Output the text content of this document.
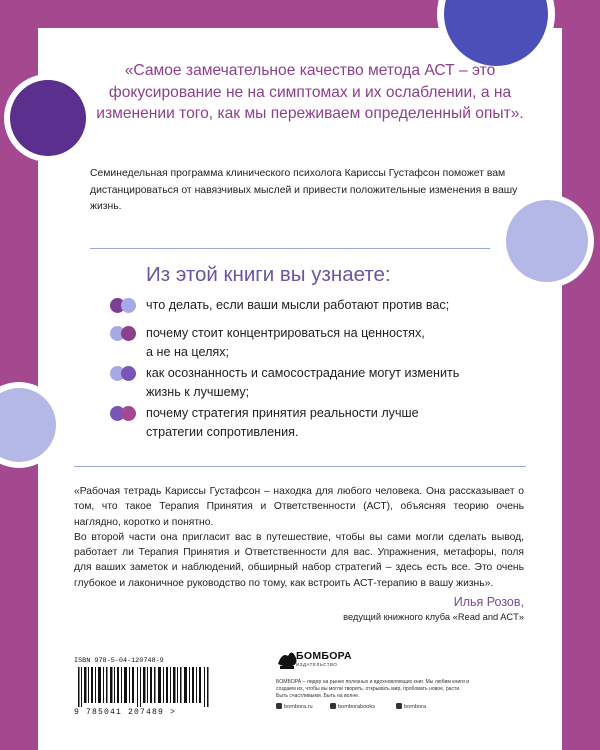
«Самое замечательное качество метода АСТ – это фокусирование не на симптомах и их ослаблении, а на изменении того, как мы переживаем определенный опыт».
Семинедельная программа клинического психолога Кариссы Густафсон поможет вам дистанцироваться от навязчивых мыслей и привести положительные изменения в вашу жизнь.
Из этой книги вы узнаете:
что делать, если ваши мысли работают против вас;
почему стоит концентрироваться на ценностях,
а не на целях;
как осознанность и самосострадание могут изменить
жизнь к лучшему;
почему стратегия принятия реальности лучше
стратегии сопротивления.

«Рабочая тетрадь Кариссы Густафсон – находка для любого человека. Она рассказывает о том, что такое Терапия Принятия и Ответственности (АСТ), объясняя теорию очень наглядно, коротко и понятно.

Во второй части она пригласит вас в путешествие, чтобы вы сами могли сделать вывод, работает ли Терапия Принятия и Ответственности для вас. Упражнения, метафоры, поля для ваших заметок и наблюдений, обширный набор стратегий – здесь есть все. Это очень глубокое и лаконичное руководство по тому, как встроить АСТ-терапию в вашу жизнь».

Илья Розов,
ведущий книжного клуба «Read and ACT»
ISBN 978-5-04-120748-9
9 785041 207489 >
БОМБОРА
ИЗДАТЕЛЬСТВО
БОМБОРА – лидер на рынке полезных и вдохновляющих книг. Мы любим книги и создаем их, чтобы вы могли творить, открывать мир, пробовать новое, расти. Быть счастливыми. Быть на волне.
bombora.ru	bomborabooks	bombora
